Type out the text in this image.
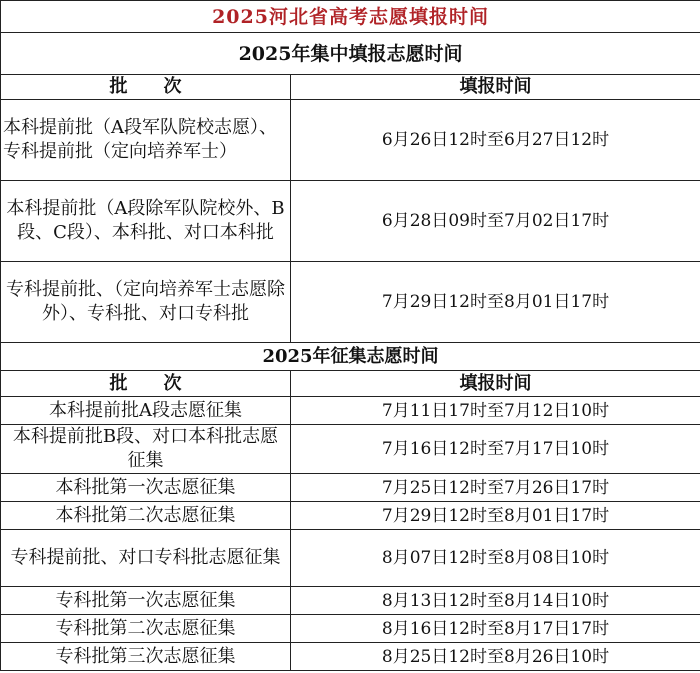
2025河北省高考志愿填报时间	
2025年集中填报志愿时间	
批　　次	填报时间
本科提前批（A段军队院校志愿）、专科提前批（定向培养军士）	6月26日12时至6月27日12时
本科提前批（A段除军队院校外、B段、C段）、本科批、对口本科批	6月28日09时至7月02日17时
专科提前批、（定向培养军士志愿除外）、专科批、对口专科批	7月29日12时至8月01日17时
2025年征集志愿时间	
批　　次	填报时间
本科提前批A段志愿征集	7月11日17时至7月12日10时
本科提前批B段、对口本科批志愿征集	7月16日12时至7月17日10时
本科批第一次志愿征集	7月25日12时至7月26日17时
本科批第二次志愿征集	7月29日12时至8月01日17时
专科提前批、对口专科批志愿征集	8月07日12时至8月08日10时
专科批第一次志愿征集	8月13日12时至8月14日10时
专科批第二次志愿征集	8月16日12时至8月17日17时
专科批第三次志愿征集	8月25日12时至8月26日10时
